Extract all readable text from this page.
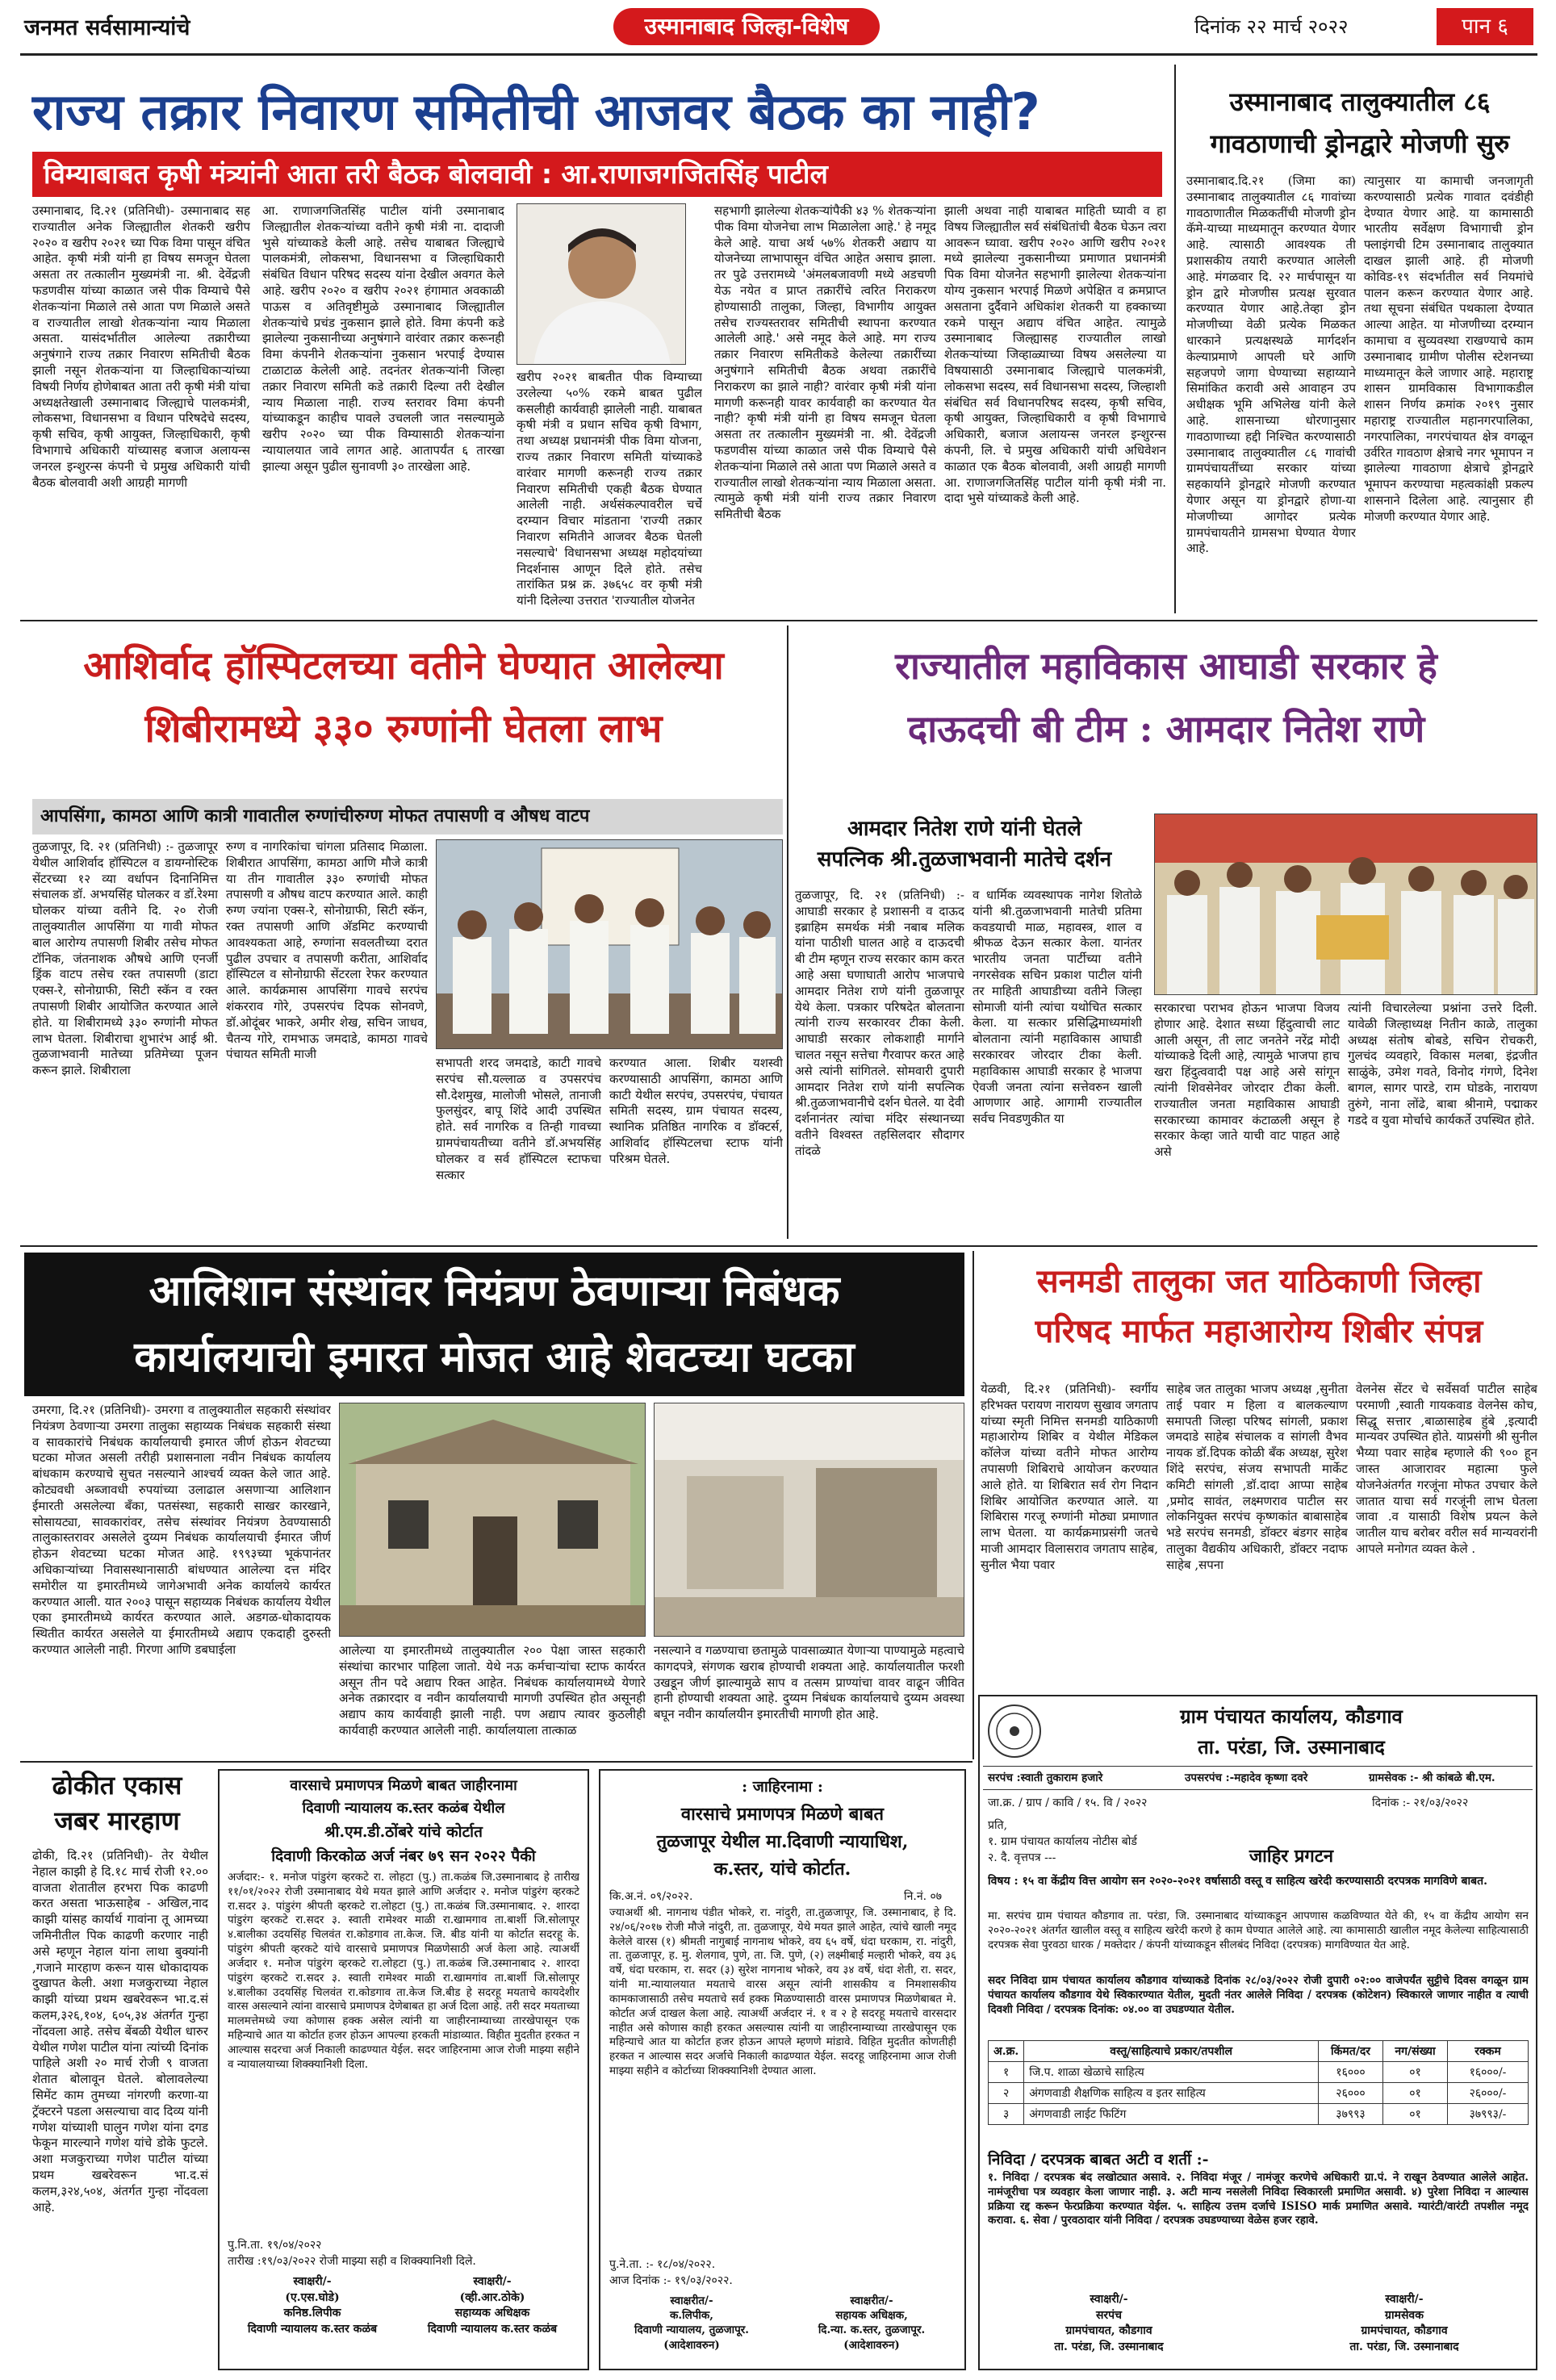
जनमत सर्वसामान्यांचे	उस्मानाबाद जिल्हा-विशेष	दिनांक २२ मार्च २०२२	पान ६
राज्य तक्रार निवारण समितीची आजवर बैठक का नाही?
विम्याबाबत कृषी मंत्र्यांनी आता तरी बैठक बोलवावी : आ.राणाजगजितसिंह पाटील
उस्मानाबाद, दि.२१ (प्रतिनिधी)- उस्मानाबाद सह राज्यातील अनेक जिल्ह्यातील शेतकरी खरीप २०२० व खरीप २०२१ च्या पिक विमा पासून वंचित आहेत. कृषी मंत्री यांनी हा विषय समजून घेतला असता तर तत्कालीन मुख्यमंत्री ना. श्री. देवेंद्रजी फडणवीस यांच्या काळात जसे पीक विम्याचे पैसे शेतकऱ्यांना मिळाले तसे आता पण मिळाले असते व राज्यातील लाखो शेतकऱ्यांना न्याय मिळाला असता. यासंदर्भातील आलेल्या तक्रारीच्या अनुषंगाने राज्य तक्रार निवारण समितीची बैठक झाली नसून शेतकऱ्यांना या जिल्हाधिकाऱ्यांच्या विषयी निर्णय होणेबाबत आता तरी कृषी मंत्री यांचा अध्यक्षतेखाली उस्मानाबाद जिल्ह्याचे पालकमंत्री, लोकसभा, विधानसभा व विधान परिषदेचे सदस्य, कृषी सचिव, कृषी आयुक्त, जिल्हाधिकारी, कृषी विभागाचे अधिकारी यांच्यासह बजाज अलायन्स जनरल इन्शुरन्स कंपनी चे प्रमुख अधिकारी यांची बैठक बोलवावी अशी आग्रही मागणी
आ. राणाजगजितसिंह पाटील यांनी उस्मानाबाद जिल्ह्यातील शेतकऱ्यांच्या वतीने कृषी मंत्री ना. दादाजी भुसे यांच्याकडे केली आहे. तसेच याबाबत जिल्ह्याचे पालकमंत्री, लोकसभा, विधानसभा व जिल्हाधिकारी संबंधित विधान परिषद सदस्य यांना देखील अवगत केले आहे. खरीप २०२० व खरीप २०२१ हंगामात अवकाळी पाऊस व अतिवृष्टीमुळे उस्मानाबाद जिल्ह्यातील शेतकऱ्यांचे प्रचंड नुकसान झाले होते. विमा कंपनी कडे झालेल्या नुकसानीच्या अनुषंगाने वारंवार तक्रार करूनही विमा कंपनीने शेतकऱ्यांना नुकसान भरपाई देण्यास टाळाटाळ केलेली आहे. तदनंतर शेतकऱ्यांनी जिल्हा तक्रार निवारण समिती कडे तक्रारी दिल्या तरी देखील न्याय मिळाला नाही. राज्य स्तरावर विमा कंपनी यांच्याकडून काहीच पावले उचलली जात नसल्यामुळे खरीप २०२० च्या पीक विम्यासाठी शेतकऱ्यांना न्यायालयात जावे लागत आहे. आतापर्यंत ६ तारखा झाल्या असून पुढील सुनावणी ३० तारखेला आहे.
खरीप २०२१ बाबतीत पीक विम्याच्या उरलेल्या ५०% रकमे बाबत पुढील कसलीही कार्यवाही झालेली नाही. याबाबत कृषी मंत्री व प्रधान सचिव कृषी विभाग, तथा अध्यक्ष प्रधानमंत्री पीक विमा योजना, राज्य तक्रार निवारण समिती यांच्याकडे वारंवार मागणी करूनही राज्य तक्रार निवारण समितीची एकही बैठक घेण्यात आलेली नाही. अर्थसंकल्पावरील चर्चे दरम्यान विचार मांडताना 'राज्यी तक्रार निवारण समितीने आजवर बैठक घेतली नसल्याचे' विधानसभा अध्यक्ष महोदयांच्या निदर्शनास आणून दिले होते. तसेच तारांकित प्रश्न क्र. ३७६५८ वर कृषी मंत्री यांनी दिलेल्या उत्तरात 'राज्यातील योजनेत
सहभागी झालेल्या शेतकऱ्यांपैकी ४३ % शेतकऱ्यांना पीक विमा योजनेचा लाभ मिळालेला आहे.' हे नमूद केले आहे. याचा अर्थ ५७% शेतकरी अद्याप या योजनेच्या लाभापासून वंचित आहेत असाच झाला. तर पुढे उत्तरामध्ये 'अंमलबजावणी मध्ये अडचणी येऊ नयेत व प्राप्त तक्रारींचे त्वरित निराकरण होण्यासाठी तालुका, जिल्हा, विभागीय आयुक्त तसेच राज्यस्तरावर समितीची स्थापना करण्यात आलेली आहे.' असे नमूद केले आहे. मग राज्य तक्रार निवारण समितीकडे केलेल्या तक्रारींच्या अनुषंगाने समितीची बैठक अथवा तक्रारींचे निराकरण का झाले नाही? वारंवार कृषी मंत्री यांना मागणी करूनही यावर कार्यवाही का करण्यात येत नाही? कृषी मंत्री यांनी हा विषय समजून घेतला असता तर तत्कालीन मुख्यमंत्री ना. श्री. देवेंद्रजी फडणवीस यांच्या काळात जसे पीक विम्याचे पैसे शेतकऱ्यांना मिळाले तसे आता पण मिळाले असते व राज्यातील लाखो शेतकऱ्यांना न्याय मिळाला असता. त्यामुळे कृषी मंत्री यांनी राज्य तक्रार निवारण समितीची बैठक
झाली अथवा नाही याबाबत माहिती घ्यावी व हा विषय जिल्ह्यातील सर्व संबंधितांची बैठक घेऊन त्वरा आवरून घ्यावा. खरीप २०२० आणि खरीप २०२१ मध्ये झालेल्या नुकसानीच्या प्रमाणात प्रधानमंत्री पिक विमा योजनेत सहभागी झालेल्या शेतकऱ्यांना योग्य नुकसान भरपाई मिळणे अपेक्षित व क्रमप्राप्त असताना दुर्दैवाने अधिकांश शेतकरी या हक्काच्या रकमे पासून अद्याप वंचित आहेत. त्यामुळे उस्मानाबाद जिल्ह्यासह राज्यातील लाखो शेतकऱ्यांच्या जिव्हाळ्याच्या विषय असलेल्या या विषयासाठी उस्मानाबाद जिल्ह्याचे पालकमंत्री, लोकसभा सदस्य, सर्व विधानसभा सदस्य, जिल्हाशी संबंधित सर्व विधानपरिषद सदस्य, कृषी सचिव, कृषी आयुक्त, जिल्हाधिकारी व कृषी विभागाचे अधिकारी, बजाज अलायन्स जनरल इन्शुरन्स कंपनी, लि. चे प्रमुख अधिकारी यांची अधिवेशन काळात एक बैठक बोलवावी, अशी आग्रही मागणी आ. राणाजगजितसिंह पाटील यांनी कृषी मंत्री ना. दादा भुसे यांच्याकडे केली आहे.
उस्मानाबाद तालुक्यातील ८६ गावठाणाची ड्रोनद्वारे मोजणी सुरु
उस्मानाबाद.दि.२१ (जिमा का) उस्मानाबाद तालुक्यातील ८६ गावांच्या गावठाणातील मिळकतींची मोजणी ड्रोन कॅमे-याच्या माध्यमातून करण्यात येणार आहे. त्यासाठी आवश्यक ती प्रशासकीय तयारी करण्यात आलेली आहे. मंगळवार दि. २२ मार्चपासून या ड्रोन द्वारे मोजणीस प्रत्यक्ष सुरवात करण्यात येणार आहे.तेव्हा ड्रोन मोजणीच्या वेळी प्रत्येक मिळकत धारकाने प्रत्यक्षस्थळे मार्गदर्शन केल्याप्रमाणे आपली घरे आणि सहजपणे जागा घेण्याच्या सहाय्याने सिमांकित करावी असे आवाहन उप अधीक्षक भूमि अभिलेख यांनी केले आहे. शासनाच्या धोरणानुसार गावठाणाच्या हद्दी निश्चित करण्यासाठी उस्मानाबाद तालुक्यातील ८६ गावांची ग्रामपंचायतींच्या सरकार यांच्या सहकार्याने ड्रोनद्वारे मोजणी करण्यात येणार असून या ड्रोनद्वारे होणा-या मोजणीच्या आगोदर प्रत्येक ग्रामपंचायतीने ग्रामसभा घेण्यात येणार आहे.
त्यानुसार या कामाची जनजागृती करण्यासाठी प्रत्येक गावात दवंडीही देण्यात येणार आहे. या कामासाठी भारतीय सर्वेक्षण विभागाची ड्रोन फ्लाइंगची टिम उस्मानाबाद तालुक्यात दाखल झाली आहे. ही मोजणी कोविड-१९ संदर्भातील सर्व नियमांचे पालन करून करण्यात येणार आहे. तथा सूचना संबंधित पथकाला देण्यात आल्या आहेत. या मोजणीच्या दरम्यान कामाचा व सुव्यवस्था राखण्याचे काम उस्मानाबाद ग्रामीण पोलीस स्टेशनच्या माध्यमातून केले जाणार आहे. महाराष्ट्र शासन ग्रामविकास विभागाकडील शासन निर्णय क्रमांक २०१९ नुसार महाराष्ट्र राज्यातील महानगरपालिका, नगरपालिका, नगरपंचायत क्षेत्र वगळून उर्वरित गावठाण क्षेत्राचे नगर भूमापन न झालेल्या गावठाणा क्षेत्राचे ड्रोनद्वारे भूमापन करण्याचा महत्वकांक्षी प्रकल्प शासनाने दिलेला आहे. त्यानुसार ही मोजणी करण्यात येणार आहे.
आशिर्वाद हॉस्पिटलच्या वतीने घेण्यात आलेल्या
शिबीरामध्ये ३३० रुग्णांनी घेतला लाभ
आपसिंगा, कामठा आणि कात्री गावातील रुग्णांचीरुग्ण मोफत तपासणी व औषध वाटप
तुळजापूर, दि. २१ (प्रतिनिधी) :- तुळजापूर येथील आशिर्वाद हॉस्पिटल व डायग्नोस्टिक सेंटरच्या १२ व्या वर्धापन दिनानिमित्त संचालक डॉ. अभयसिंह घोलकर व डॉ.रेश्मा घोलकर यांच्या वतीने दि. २० रोजी तालुक्यातील आपसिंगा या गावी मोफत बाल आरोग्य तपासणी शिबीर तसेच मोफत टॉनिक, जंतनाशक औषधे आणि एनर्जी ड्रिंक वाटप तसेच रक्त तपासणी (डाटा एक्स-रे, सोनोग्राफी, सिटी स्कॅन व रक्त तपासणी शिबीर आयोजित करण्यात आले होते. या शिबीरामध्ये ३३० रुग्णांनी मोफत लाभ घेतला. शिबीराचा शुभारंभ आई श्री. तुळजाभवानी मातेच्या प्रतिमेच्या पूजन करून झाले. शिबीराला
रुग्ण व नागरिकांचा चांगला प्रतिसाद मिळाला. शिबीरात आपसिंगा, कामठा आणि मौजे कात्री या तीन गावातील ३३० रुग्णांची मोफत तपासणी व औषध वाटप करण्यात आले. काही रुग्ण ज्यांना एक्स-रे, सोनोग्राफी, सिटी स्कॅन, रक्त तपासणी आणि अ‍ॅडमिट करण्याची आवश्यकता आहे, रुग्णांना सवलतीच्या दरात पुढील उपचार व तपासणी करीता, आशिर्वाद हॉस्पिटल व सोनोग्राफी सेंटरला रेफर करण्यात आले. कार्यक्रमास आपसिंगा गावचे सरपंच शंकरराव गोरे, उपसरपंच दिपक सोनवणे, डॉ.ओदूंबर भाकरे, अमीर शेख, सचिन जाधव, चैतन्य गोरे, रामभाऊ जमदाडे, कामठा गावचे पंचायत समिती माजी
सभापती शरद जमदाडे, काटी गावचे सरपंच सौ.यल्लाळ व उपसरपंच सौ.देशमुख, मालोजी भोसले, तानाजी फुलसुंदर, बापू शिंदे आदी उपस्थित होते. सर्व नागरिक व तिन्ही गावच्या ग्रामपंचायतीच्या वतीने डॉ.अभयसिंह घोलकर व सर्व हॉस्पिटल स्टाफचा सत्कार
करण्यात आला. शिबीर यशस्वी करण्यासाठी आपसिंगा, कामठा आणि काटी येथील सरपंच, उपसरपंच, पंचायत समिती सदस्य, ग्राम पंचायत सदस्य, स्थानिक प्रतिष्ठित नागरिक व डॉक्टर्स, आशिर्वाद हॉस्पिटलचा स्टाफ यांनी परिश्रम घेतले.
राज्यातील महाविकास आघाडी सरकार हे
दाऊदची बी टीम : आमदार नितेश राणे
आमदार नितेश राणे यांनी घेतले
सपत्निक श्री.तुळजाभवानी मातेचे दर्शन
तुळजापूर, दि. २१ (प्रतिनिधी) :- आघाडी सरकार हे प्रशासनी व दाऊद इब्राहिम समर्थक मंत्री नबाब मलिक यांना पाठीशी घालत आहे व दाऊदची बी टीम म्हणून राज्य सरकार काम करत आहे असा घणाघाती आरोप भाजपाचे आमदार नितेश राणे यांनी तुळजापूर येथे केला. पत्रकार परिषदेत बोलताना त्यांनी राज्य सरकारवर टीका केली. आघाडी सरकार लोकशाही मार्गाने चालत नसून सत्तेचा गैरवापर करत आहे असे त्यांनी सांगितले. सोमवारी दुपारी आमदार नितेश राणे यांनी सपत्निक श्री.तुळजाभवानीचे दर्शन घेतले. या देवी दर्शनानंतर त्यांचा मंदिर संस्थानच्या वतीने विश्वस्त तहसिलदार सौदागर तांदळे
व धार्मिक व्यवस्थापक नागेश शितोळे यांनी श्री.तुळजाभवानी मातेची प्रतिमा कवडयाची माळ, महावस्त्र, शाल व श्रीफळ देऊन सत्कार केला. यानंतर भारतीय जनता पार्टीच्या वतीने नगरसेवक सचिन प्रकाश पाटील यांनी तर माहिती आघाडीच्या वतीने जिल्हा सोमाजी यांनी त्यांचा यथोचित सत्कार केला. या सत्कार प्रसिद्धिमाध्यमांशी बोलताना त्यांनी महाविकास आघाडी सरकारवर जोरदार टीका केली. महाविकास आघाडी सरकार हे भाजपा ऐवजी जनता त्यांना सत्तेवरुन खाली आणणार आहे. आगामी राज्यातील सर्वच निवडणुकीत या
सरकारचा पराभव होऊन भाजपा विजय होणार आहे. देशात सध्या हिंदुत्वाची लाट आली असून, ती लाट जनतेने नरेंद्र मोदी यांच्याकडे दिली आहे, त्यामुळे भाजपा हाच खरा हिंदुत्ववादी पक्ष आहे असे सांगून त्यांनी शिवसेनेवर जोरदार टीका केली. राज्यातील जनता महाविकास आघाडी सरकारच्या कामावर कंटाळली असून हे सरकार केव्हा जाते याची वाट पाहत आहे असे
त्यांनी विचारलेल्या प्रश्नांना उत्तरे दिली. यावेळी जिल्हाध्यक्ष नितीन काळे, तालुका अध्यक्ष संतोष बोबडे, सचिन रोचकरी, गुलचंद व्यवहारे, विकास मलबा, इंद्रजीत साळुंके, उमेश गवते, विनोद गंगणे, दिनेश बागल, सागर पारडे, राम घोडके, नारायण तुरुंगे, नाना लोंढे, बाबा श्रीनामे, पद्माकर गडदे व युवा मोर्चाचे कार्यकर्ते उपस्थित होते.
आलिशान संस्थांवर नियंत्रण ठेवणाऱ्या निबंधक
कार्यालयाची इमारत मोजत आहे शेवटच्या घटका
उमरगा, दि.२१ (प्रतिनिधी)- उमरगा व तालुक्यातील सहकारी संस्थांवर नियंत्रण ठेवणाऱ्या उमरगा तालुका सहाय्यक निबंधक सहकारी संस्था व सावकारांचे निबंधक कार्यालयाची इमारत जीर्ण होऊन शेवटच्या घटका मोजत असली तरीही प्रशासनाला नवीन निबंधक कार्यालय बांधकाम करण्याचे सुचत नसल्याने आश्चर्य व्यक्त केले जात आहे. कोट्यवधी अब्जावधी रुपयांच्या उलाढाल असणाऱ्या आलिशान ईमारती असलेल्या बँका, पतसंस्था, सहकारी साखर कारखाने, सोसायट्या, सावकारांवर, तसेच संस्थांवर नियंत्रण ठेवण्यासाठी तालुकास्तरावर असलेले दुय्यम निबंधक कार्यालयाची ईमारत जीर्ण होऊन शेवटच्या घटका मोजत आहे. १९९३च्या भूकंपानंतर अधिकाऱ्यांच्या निवासस्थानासाठी बांधण्यात आलेल्या दत्त मंदिर समोरील या इमारतीमध्ये जागेअभावी अनेक कार्यालये कार्यरत करण्यात आली. यात २००३ पासून सहाय्यक निबंधक कार्यालय येथील एका इमारतीमध्ये कार्यरत करण्यात आले. अडगळ-धोकादायक स्थितीत कार्यरत असलेले या ईमारतीमध्ये अद्याप एकदाही दुरुस्ती करण्यात आलेली नाही. गिरणा आणि डबघाईला	आलेल्या या इमारतीमध्ये तालुक्यातील २०० पेक्षा जास्त सहकारी संस्थांचा कारभार पाहिला जातो. येथे नऊ कर्मचाऱ्यांचा स्टाफ कार्यरत असून तीन पदे अद्याप रिक्त आहेत. निबंधक कार्यालयामध्ये येणारे अनेक तक्रारदार व नवीन कार्यालयाची मागणी उपस्थित होत असूनही अद्याप काय कार्यवाही झाली नाही. पण अद्याप त्यावर कुठलीही कार्यवाही करण्यात आलेली नाही. कार्यालयाला तात्काळ
नसल्याने व गळण्याचा छतामुळे पावसाळ्यात येणाऱ्या पाण्यामुळे महत्वाचे कागदपत्रे, संगणक खराब होण्याची शक्यता आहे. कार्यालयातील फरशी उखडून जीर्ण झाल्यामुळे साप व तत्सम प्राण्यांचा वावर वाढून जीवित हानी होण्याची शक्यता आहे. दुय्यम निबंधक कार्यालयाचे दुय्यम अवस्था बघून नवीन कार्यालयीन इमारतीची मागणी होत आहे.
सनमडी तालुका जत याठिकाणी जिल्हा
परिषद मार्फत महाआरोग्य शिबीर संपन्न
येळवी, दि.२१ (प्रतिनिधी)- स्वर्गीय हरिभक्त परायण नारायण सुखाव जगताप यांच्या स्मृती निमित्त सनमडी याठिकाणी महाआरोग्य शिबिर व येथील मेडिकल कॉलेज यांच्या वतीने मोफत आरोग्य तपासणी शिबिराचे आयोजन करण्यात आले होते. या शिबिरात सर्व रोग निदान शिबिर आयोजित करण्यात आले. या शिबिरास गरजू रुग्णांनी मोठ्या प्रमाणात लाभ घेतला. या कार्यक्रमाप्रसंगी जतचे माजी आमदार विलासराव जगताप साहेब, सुनील भैया पवार
साहेब जत तालुका भाजप अध्यक्ष ,सुनीता ताई पवार म हिला व बालकल्याण समापती जिल्हा परिषद सांगली, प्रकाश जमदाडे साहेब संचालक व सांगली वैभव नायक डॉ.दिपक कोळी बँक अध्यक्ष, सुरेश शिंदे सरपंच, संजय सभापती मार्केट कमिटी सांगली ,डॉ.दादा आप्पा साहेब ,प्रमोद सावंत, लक्ष्मणराव पाटील सर लोकनियुक्त सरपंच कृष्णकांत बाबासाहेब भडे सरपंच सनमडी, डॉक्टर बंडगर साहेब तालुका वैद्यकीय अधिकारी, डॉक्टर नदाफ साहेब ,सपना
वेलनेस सेंटर चे सर्वेसर्वा पाटील साहेब परमाणी ,स्वाती गायकवाड वेलनेस कोच, सिद्धू सत्तार ,बाळासाहेब हुंबे ,इत्यादी मान्यवर उपस्थित होते. याप्रसंगी श्री सुनील भैय्या पवार साहेब म्हणाले की ९०० हून जास्त आजारावर महात्मा फुले योजनेअंतर्गत गरजूंना मोफत उपचार केले जातात याचा सर्व गरजूंनी लाभ घेतला जावा .व यासाठी विशेष प्रयत्न केले जातील याच बरोबर वरील सर्व मान्यवरांनी आपले मनोगत व्यक्त केले .
ढोकीत एकास
जबर मारहाण
ढोकी, दि.२१ (प्रतिनिधी)- तेर येथील नेहाल काझी हे दि.१८ मार्च रोजी १२.०० वाजता शेतातील हरभरा पिक काढणी करत असता भाऊसाहेब - अखिल,नाद काझी यांसह कार्यार्थ गावांना तू आमच्या जमिनीतील पिक काढणी करणार नाही असे म्हणून नेहाल यांना लाथा बुक्यांनी ,गजाने मारहाण करून यास धोकादायक दुखापत केली. अशा मजकुराच्या नेहाल काझी यांच्या प्रथम खबरेवरून भा.द.सं कलम,३२६,१०४, ६०५,३४ अंतर्गत गुन्हा नोंदवला आहे. तसेच बेंबळी येथील धारुर येथील गणेश पाटील यांना त्यांच्यी दिनांक पाहिले अशी २० मार्च रोजी ९ वाजता शेतात बोलावून घेतले. बोलावलेल्या सिमेंट काम तुमच्या नांगरणी करणा-या ट्रॅक्टरने पडला असल्याचा वाद दिव्य यांनी गणेश यांच्याशी घालुन गणेश यांना दगड फेकून मारल्याने गणेश यांचे डोके फुटले. अशा मजकुराच्या गणेश पाटील यांच्या प्रथम खबरेवरून भा.द.सं कलम,३२४,५०४, अंतर्गत गुन्हा नोंदवला आहे.
वारसाचे प्रमाणपत्र मिळणे बाबत जाहीरनामा
दिवाणी न्यायालय क.स्तर कळंब येथील
श्री.एम.डी.ठोंबरे यांचे कोर्टात
दिवाणी किरकोळ अर्ज नंबर ७९ सन २०२२ पैकी
अर्जदार:- १. मनोज पांडुरंग व्हरकटे रा. लोहटा (पु.) ता.कळंब जि.उस्मानाबाद हे तारीख ११/०१/२०२२ रोजी उस्मानाबाद येथे मयत झाले आणि अर्जदार २. मनोज पांडुरंग व्हरकटे रा.सदर ३. पांडुरंग श्रीपती व्हरकटे रा.लोहटा (पु.) ता.कळंब जि.उस्मानाबाद. २. शारदा पांडुरंग व्हरकटे रा.सदर ३. स्वाती रामेश्वर माळी रा.खामगाव ता.बार्शी जि.सोलापूर ४.बालीका उदयसिंह चिलवंत रा.कोडगाव ता.केज. जि. बीड यांनी या कोर्टात सदरहू के. पांडुरंग श्रीपती व्हरकटे यांचे वारसाचे प्रमाणपत्र मिळणेसाठी अर्ज केला आहे. त्याअर्थी अर्जदार १. मनोज पांडुरंग व्हरकटे रा.लोहटा (पु.) ता.कळंब जि.उस्मानाबाद २. शारदा पांडुरंग व्हरकटे रा.सदर ३. स्वाती रामेश्वर माळी रा.खामगांव ता.बार्शी जि.सोलापूर ४.बालीका उदयसिंह चिलवंत रा.कोडगाव ता.केज जि.बीड हे सदरहू मयताचे कायदेशीर वारस असल्याने त्यांना वारसाचे प्रमाणपत्र देणेबाबत हा अर्ज दिला आहे. तरी सदर मयताच्या मालमत्तेमध्ये ज्या कोणास हक्क असेल त्यांनी या जाहीरनाम्याच्या तारखेपासून एक महिन्याचे आत या कोर्टात हजर होऊन आपल्या हरकती मांडाव्यात. विहीत मुदतीत हरकत न आल्यास सदरचा अर्ज निकाली काढण्यात येईल. सदर जाहिरनामा आज रोजी माझ्या सहीने व न्यायालयाच्या शिक्क्यानिशी दिला.
पु.नि.ता. १९/०४/२०२२
तारीख :१९/०३/२०२२ रोजी माझ्या सही व शिक्क्यानिशी दिले.
स्वाक्षरी/-
(ए.एस.घोडे)
कनिष्ठ.लिपीक
दिवाणी न्यायालय क.स्तर कळंब
स्वाक्षरी/-
(व्ही.आर.ठोके)
सहाय्यक अधिक्षक
दिवाणी न्यायालय क.स्तर कळंब
: जाहिरनामा :
वारसाचे प्रमाणपत्र मिळणे बाबत
तुळजापूर येथील मा.दिवाणी न्यायाधिश,
क.स्तर, यांचे कोर्टात.
कि.अ.नं. ०९/२०२२.	नि.नं. ०७
ज्याअर्थी श्री. नागनाथ पंडीत भोकरे, रा. नांदुरी, ता.तुळजापूर, जि. उस्मानाबाद, हे दि. २४/०६/२०१७ रोजी मौजे नांदुरी, ता. तुळजापूर, येथे मयत झाले आहेत, त्यांचे खाली नमूद केलेले वारस (१) श्रीमती नागुबाई नागनाथ भोकरे, वय ६५ वर्षे, धंदा घरकाम, रा. नांदुरी, ता. तुळजापूर, ह. मु. शेलगाव, पुणे, ता. जि. पुणे, (२) लक्ष्मीबाई मल्हारी भोकरे, वय ३६ वर्षे, धंदा घरकाम, रा. सदर (३) सुरेश नागनाथ भोकरे, वय ३४ वर्षे, धंदा शेती, रा. सदर, यांनी मा.न्यायालयात मयताचे वारस असून त्यांनी शासकीय व निमशासकीय कामकाजासाठी तसेच मयताचे सर्व हक्क मिळण्यासाठी वारस प्रमाणपत्र मिळणेबाबत मे. कोर्टात अर्ज दाखल केला आहे. त्याअर्थी अर्जदार नं. १ व २ हे सदरहू मयताचे वारसदार नाहीत असे कोणास काही हरकत असल्यास त्यांनी या जाहीरनाम्याच्या तारखेपासून एक महिन्याचे आत या कोर्टात हजर होऊन आपले म्हणणे मांडावे. विहित मुदतीत कोणतीही हरकत न आल्यास सदर अर्जाचे निकाली काढण्यात येईल. सदरहू जाहिरनामा आज रोजी माझ्या सहीने व कोर्टाच्या शिक्क्यानिशी देण्यात आला.
पु.ने.ता. :- १८/०४/२०२२.
आज दिनांक :- १९/०३/२०२२.
स्वाक्षरीत/-
क.लिपीक,
दिवाणी न्यायालय, तुळजापूर.
(आदेशावरुन)
स्वाक्षरीत/-
सहायक अधिक्षक,
दि.न्या. क.स्तर, तुळजापूर.
(आदेशावरुन)
ग्राम पंचायत कार्यालय, कौडगाव
ता. परंडा, जि. उस्मानाबाद
सरपंच :स्वाती तुकाराम हजारे	उपसरपंच :-महादेव कृष्णा दवरे	ग्रामसेवक :- श्री कांबळे बी.एम.
जा.क्र. / ग्राप / कावि / १५. वि / २०२२	दिनांक :- २१/०३/२०२२
प्रति,
१. ग्राम पंचायत कार्यालय नोटीस बोर्ड
२. दै. वृत्तपत्र ---	जाहिर प्रगटन
विषय : १५ वा केंद्रीय वित्त आयोग सन २०२०-२०२१ वर्षासाठी वस्तू व साहित्य खरेदी करण्यासाठी दरपत्रक मागविणे बाबत.
मा. सरपंच ग्राम पंचायत कौडगाव ता. परंडा, जि. उस्मानाबाद यांच्याकडून आपणास कळविण्यात येते की, १५ वा केंद्रीय आयोग सन २०२०-२०२१ अंतर्गत खालील वस्तू व साहित्य खरेदी करणे हे काम घेण्यात आलेले आहे. त्या कामासाठी खालील नमूद केलेल्या साहित्यासाठी दरपत्रक सेवा पुरवठा धारक / मक्तेदार / कंपनी यांच्याकडून सीलबंद निविदा (दरपत्रक) मागविण्यात येत आहे.
सदर निविदा ग्राम पंचायत कार्यालय कौडगाव यांच्याकडे दिनांक २८/०३/२०२२ रोजी दुपारी ०२:०० वाजेपर्यंत सुट्टीचे दिवस वगळून ग्राम पंचायत कार्यालय कौडगाव येथे स्विकारण्यात येतील, मुदती नंतर आलेले निविदा / दरपत्रक (कोटेशन) स्विकारले जाणार नाहीत व त्याची दिवशी निविदा / दरपत्रक दिनांक: ०४.०० वा उघडण्यात येतील.
अ.क्र.	वस्तू/साहित्याचे प्रकार/तपशील	किंमत/दर	नग/संख्या	रक्कम
१	जि.प. शाळा खेळाचे साहित्य	१६०००	०१	१६०००/-
२	अंगणवाडी शैक्षणिक साहित्य व इतर साहित्य	२६०००	०१	२६०००/-
३	अंगणवाडी लाईट फिटिंग	३७९९३	०१	३७९९३/-
निविदा / दरपत्रक बाबत अटी व शर्ती :-
१. निविदा / दरपत्रक बंद लखोट्यात असावे. २. निविदा मंजूर / नामंजूर करणेचे अधिकारी ग्रा.पं. ने राखून ठेवण्यात आलेले आहेत. नामंजूरीचा पत्र व्यवहार केला जाणार नाही. ३. अटी मान्य नसलेली निविदा स्विकारली प्रमाणित असावी. ४) पुरेशा निविदा न आल्यास प्रक्रिया रद्द करून फेरप्रक्रिया करण्यात येईल. ५. साहित्य उत्तम दर्जाचे ISISO मार्क प्रमाणित असावे. ग्यारंटी/वारंटी तपशील नमूद करावा. ६. सेवा / पुरवठादार यांनी निविदा / दरपत्रक उघडण्याच्या वेळेस हजर रहावे.
स्वाक्षरी/-
सरपंच
ग्रामपंचायत, कौडगाव
ता. परंडा, जि. उस्मानाबाद
स्वाक्षरी/-
ग्रामसेवक
ग्रामपंचायत, कौडगाव
ता. परंडा, जि. उस्मानाबाद
